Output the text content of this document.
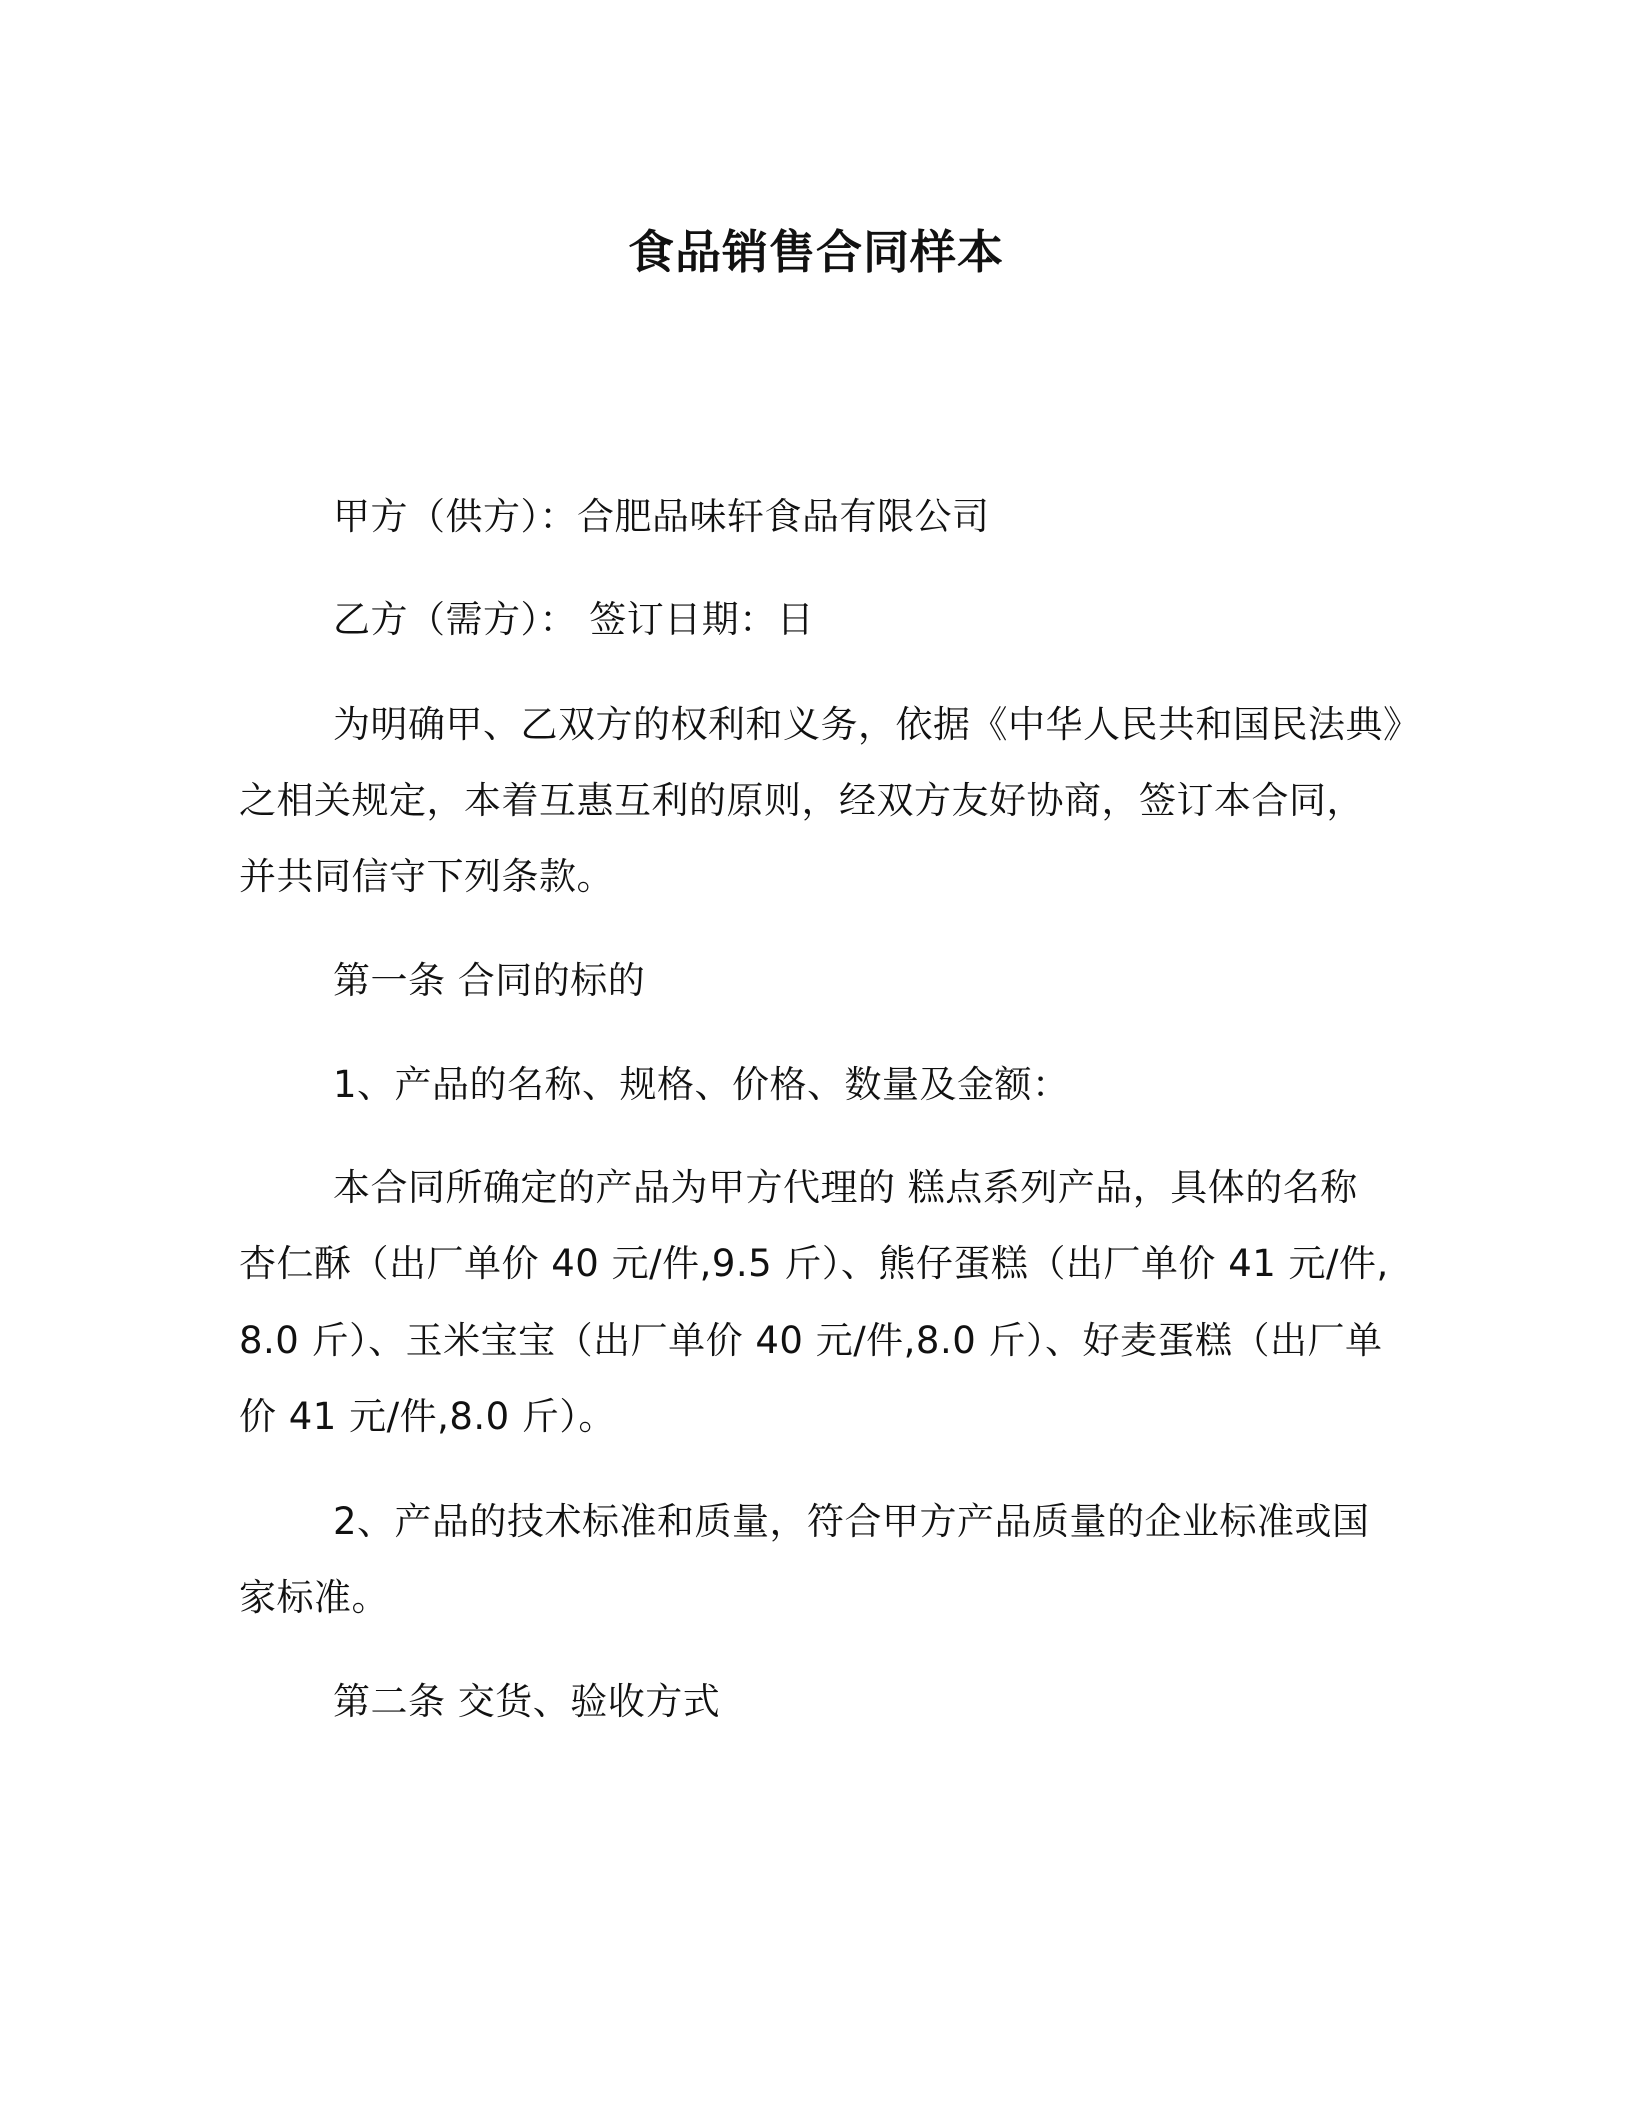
食品销售合同样本
甲方（供方）：合肥品味轩食品有限公司
乙方（需方）： 签订日期：日
为明确甲、乙双方的权利和义务，依据《中华人民共和国民法典》
之相关规定，本着互惠互利的原则，经双方友好协商，签订本合同，
并共同信守下列条款。
第一条 合同的标的
1、产品的名称、规格、价格、数量及金额：
本合同所确定的产品为甲方代理的 糕点系列产品，具体的名称
杏仁酥（出厂单价 40 元/件,9.5 斤）、熊仔蛋糕（出厂单价 41 元/件,
8.0 斤）、玉米宝宝（出厂单价 40 元/件,8.0 斤）、好麦蛋糕（出厂单
价 41 元/件,8.0 斤）。
2、产品的技术标准和质量，符合甲方产品质量的企业标准或国
家标准。
第二条 交货、验收方式
